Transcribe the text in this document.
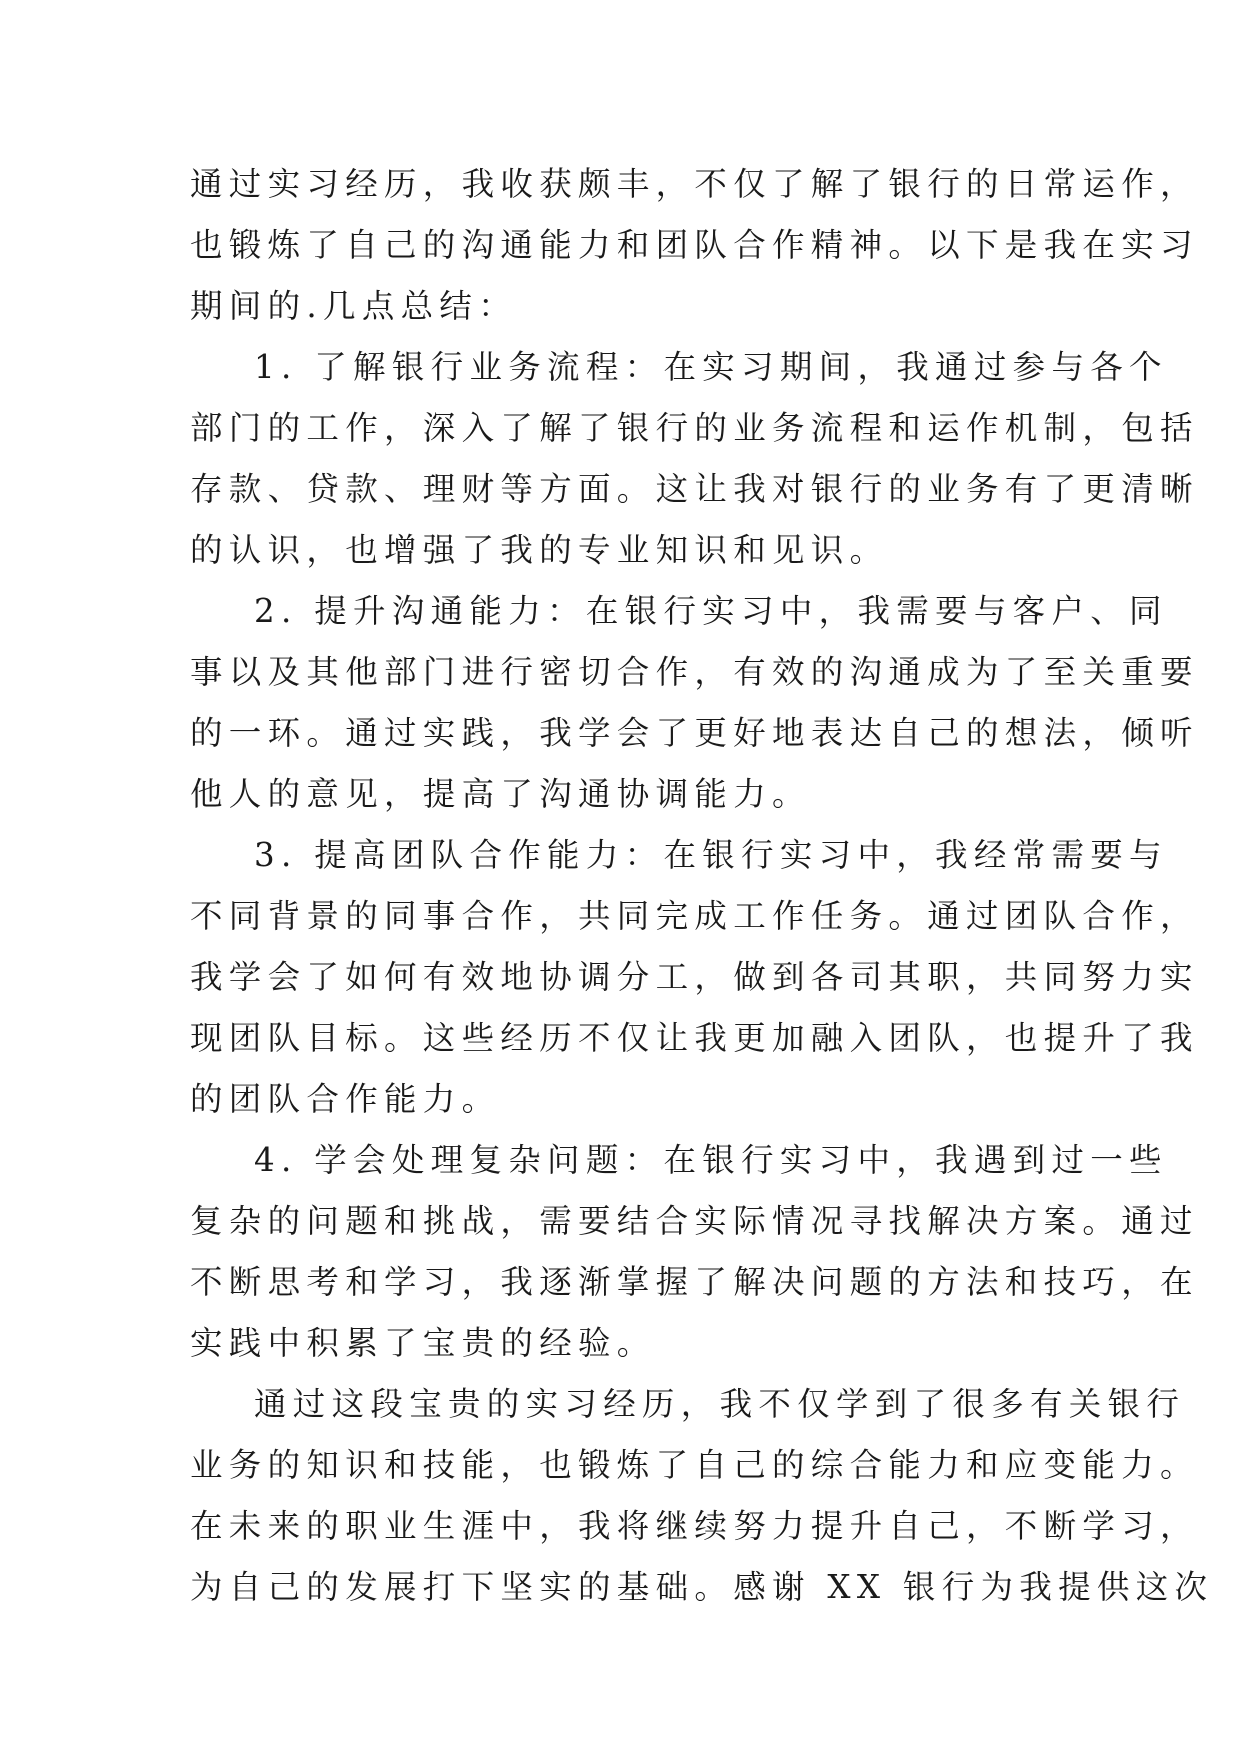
通过实习经历，我收获颇丰，不仅了解了银行的日常运作，
也锻炼了自己的沟通能力和团队合作精神。以下是我在实习
期间的.几点总结：
1. 了解银行业务流程：在实习期间，我通过参与各个
部门的工作，深入了解了银行的业务流程和运作机制，包括
存款、贷款、理财等方面。这让我对银行的业务有了更清晰
的认识，也增强了我的专业知识和见识。
2. 提升沟通能力：在银行实习中，我需要与客户、同
事以及其他部门进行密切合作，有效的沟通成为了至关重要
的一环。通过实践，我学会了更好地表达自己的想法，倾听
他人的意见，提高了沟通协调能力。
3. 提高团队合作能力：在银行实习中，我经常需要与
不同背景的同事合作，共同完成工作任务。通过团队合作，
我学会了如何有效地协调分工，做到各司其职，共同努力实
现团队目标。这些经历不仅让我更加融入团队，也提升了我
的团队合作能力。
4. 学会处理复杂问题：在银行实习中，我遇到过一些
复杂的问题和挑战，需要结合实际情况寻找解决方案。通过
不断思考和学习，我逐渐掌握了解决问题的方法和技巧，在
实践中积累了宝贵的经验。
通过这段宝贵的实习经历，我不仅学到了很多有关银行
业务的知识和技能，也锻炼了自己的综合能力和应变能力。
在未来的职业生涯中，我将继续努力提升自己，不断学习，
为自己的发展打下坚实的基础。感谢 XX 银行为我提供这次
